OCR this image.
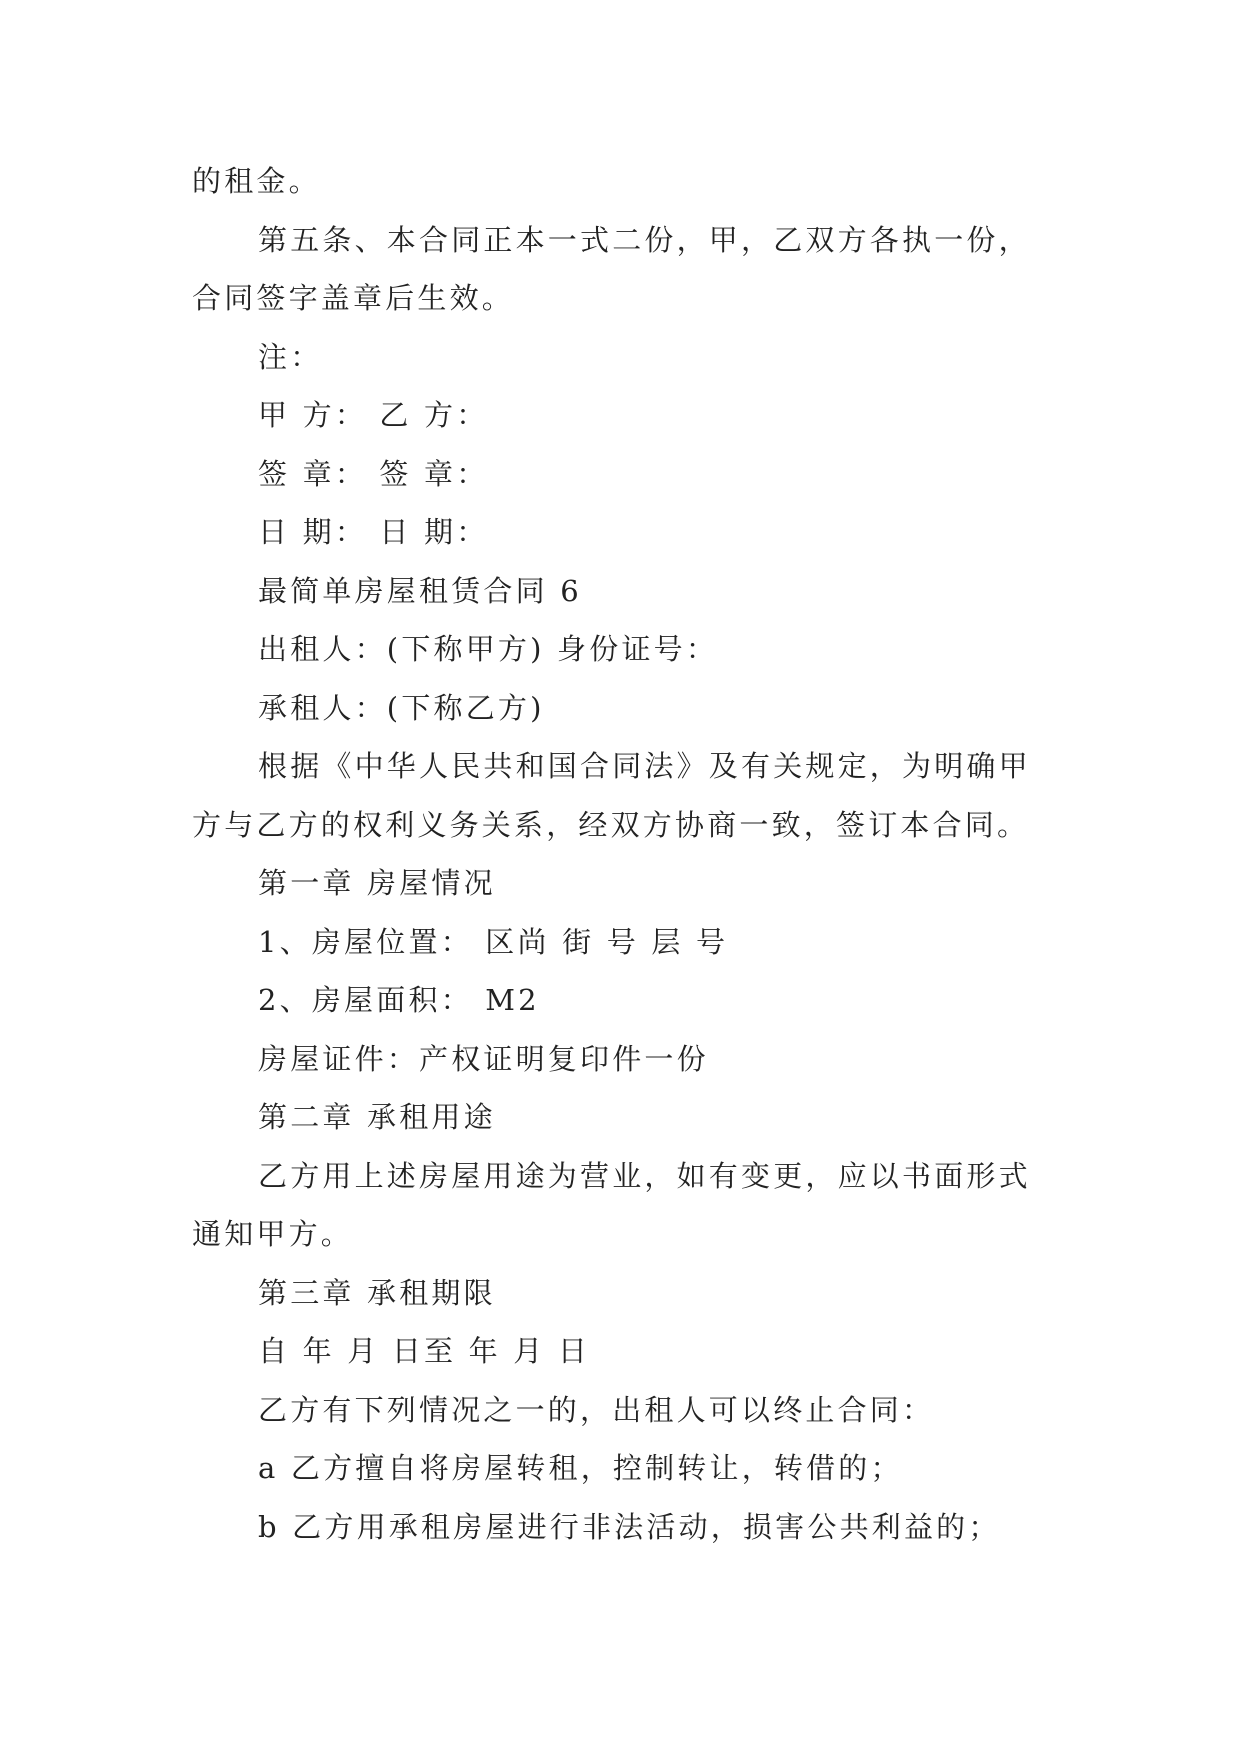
的租金。
第五条、本合同正本一式二份，甲，乙双方各执一份，
合同签字盖章后生效。
注：
甲 方： 乙 方：
签 章： 签 章：
日 期： 日 期：
最简单房屋租赁合同 6
出租人：(下称甲方) 身份证号：
承租人：(下称乙方)
根据《中华人民共和国合同法》及有关规定，为明确甲
方与乙方的权利义务关系，经双方协商一致，签订本合同。
第一章 房屋情况
1、房屋位置： 区尚 街 号 层 号
2、房屋面积： M2
房屋证件：产权证明复印件一份
第二章 承租用途
乙方用上述房屋用途为营业，如有变更，应以书面形式
通知甲方。
第三章 承租期限
自 年 月 日至 年 月 日
乙方有下列情况之一的，出租人可以终止合同：
a 乙方擅自将房屋转租，控制转让，转借的；
b 乙方用承租房屋进行非法活动，损害公共利益的；
